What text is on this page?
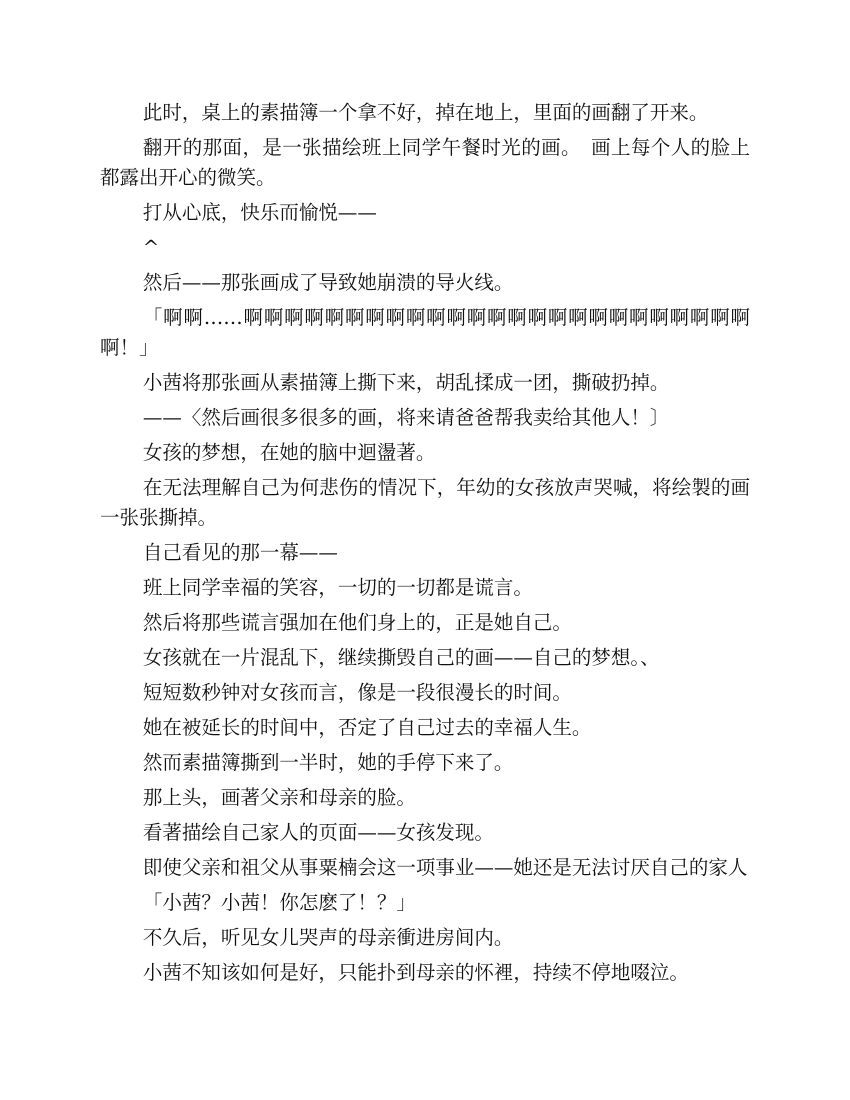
此时，桌上的素描簿一个拿不好，掉在地上，里面的画翻了开来。

翻开的那面，是一张描绘班上同学午餐时光的画。　画上每个人的脸上都露出开心的微笑。

打从心底，快乐而愉悦——

^

然后——那张画成了导致她崩溃的导火线。

「啊啊……啊啊啊啊啊啊啊啊啊啊啊啊啊啊啊啊啊啊啊啊啊啊啊啊啊啊！」

小茜将那张画从素描簿上撕下来，胡乱揉成一团，撕破扔掉。

——〈然后画很多很多的画，将来请爸爸帮我卖给其他人！〕

女孩的梦想，在她的脑中迴盪著。

在无法理解自己为何悲伤的情况下，年幼的女孩放声哭喊，将绘製的画一张张撕掉。

自己看见的那一幕——

班上同学幸福的笑容，一切的一切都是谎言。

然后将那些谎言强加在他们身上的，正是她自己。

女孩就在一片混乱下，继续撕毁自己的画——自己的梦想。、

短短数秒钟对女孩而言，像是一段很漫长的时间。

她在被延长的时间中，否定了自己过去的幸福人生。

然而素描簿撕到一半时，她的手停下来了。

那上头，画著父亲和母亲的脸。

看著描绘自己家人的页面——女孩发现。

即使父亲和祖父从事粟楠会这一项事业——她还是无法讨厌自己的家人

「小茜？小茜！你怎麽了！？」

不久后，听见女儿哭声的母亲衝进房间内。

小茜不知该如何是好，只能扑到母亲的怀裡，持续不停地啜泣。
